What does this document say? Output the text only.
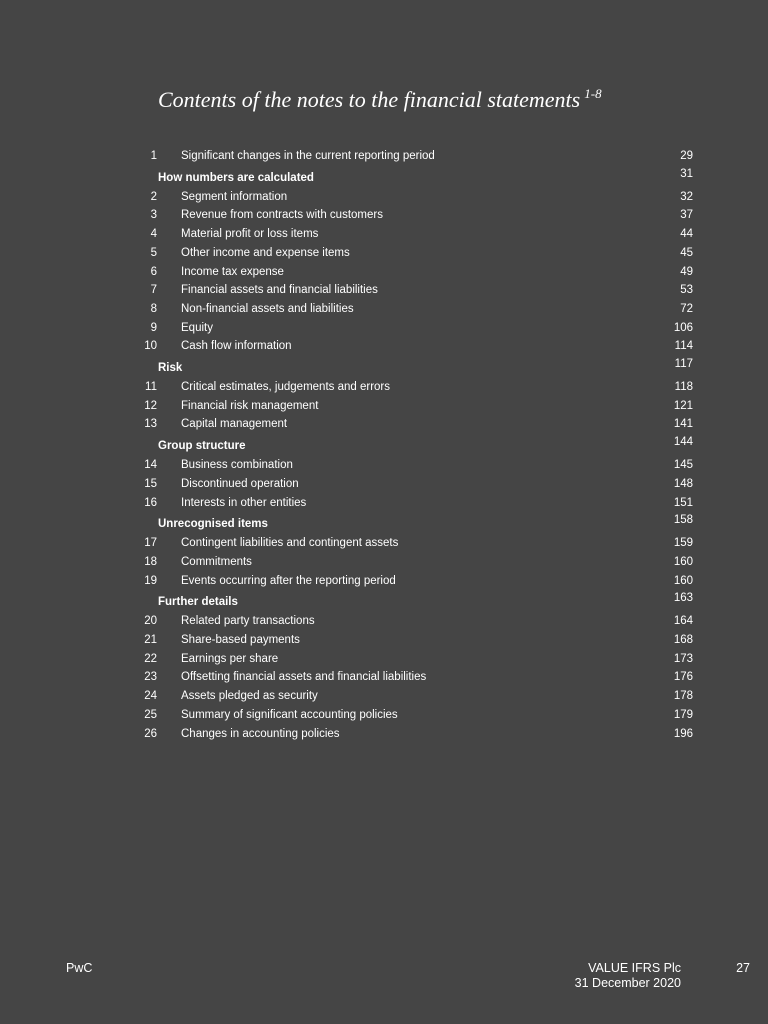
Contents of the notes to the financial statements $^{1-8}$
1 Significant changes in the current reporting period	29
How numbers are calculated	31
2 Segment information	32
3 Revenue from contracts with customers	37
4 Material profit or loss items	44
5 Other income and expense items	45
6 Income tax expense	49
7 Financial assets and financial liabilities	53
8 Non-financial assets and liabilities	72
9 Equity	106
10 Cash flow information	114
Risk	117
11 Critical estimates, judgements and errors	118
12 Financial risk management	121
13 Capital management	141
Group structure	144
14 Business combination	145
15 Discontinued operation	148
16 Interests in other entities	151
Unrecognised items	158
17 Contingent liabilities and contingent assets	159
18 Commitments	160
19 Events occurring after the reporting period	160
Further details	163
20 Related party transactions	164
21 Share-based payments	168
22 Earnings per share	173
23 Offsetting financial assets and financial liabilities	176
24 Assets pledged as security	178
25 Summary of significant accounting policies	179
26 Changes in accounting policies	196
PwC	VALUE IFRS Plc
31 December 2020
27
